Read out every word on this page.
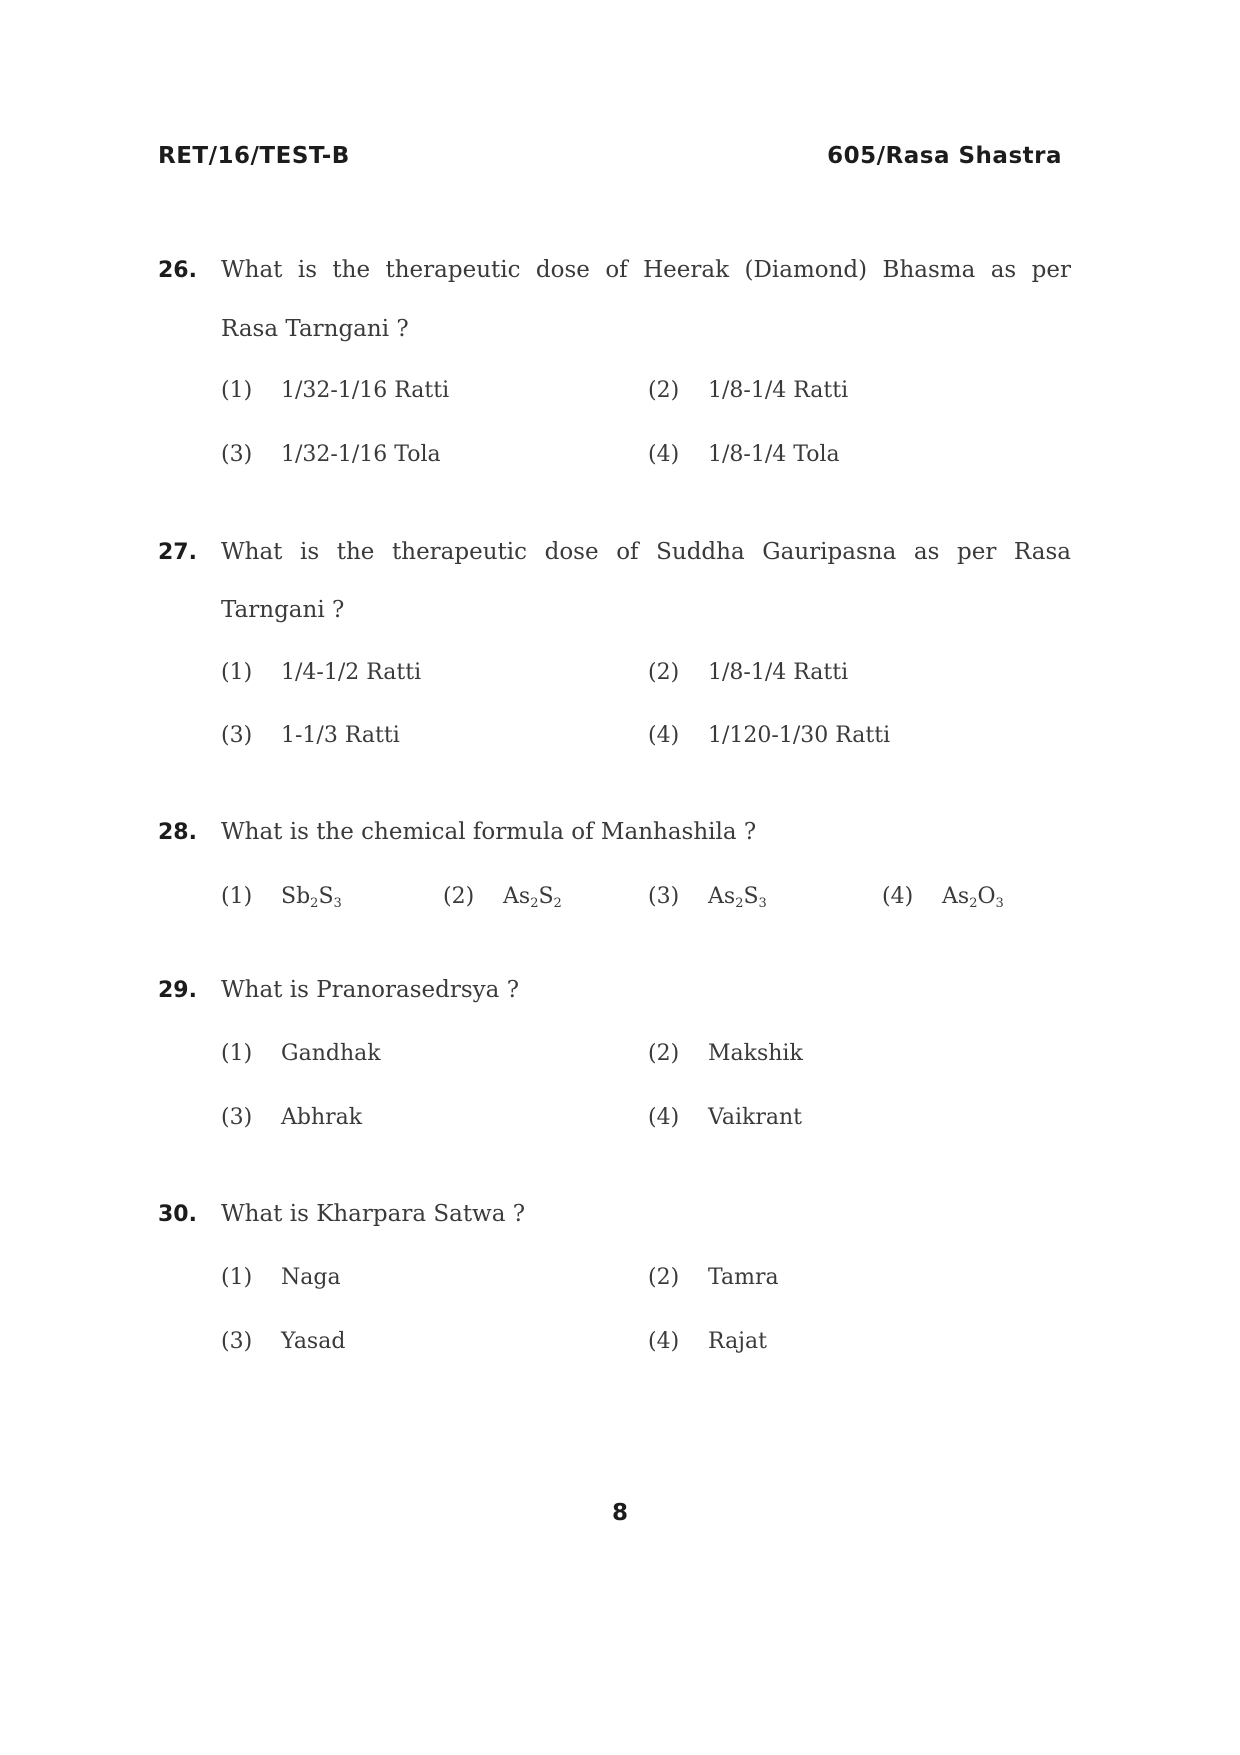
RET/16/TEST-B	605/Rasa Shastra
26. What is the therapeutic dose of Heerak (Diamond) Bhasma as per
Rasa Tarngani ?
(1) 1/32-1/16 Ratti	(2) 1/8-1/4 Ratti
(3) 1/32-1/16 Tola	(4) 1/8-1/4 Tola
27. What is the therapeutic dose of Suddha Gauripasna as per Rasa
Tarngani ?
(1) 1/4-1/2 Ratti	(2) 1/8-1/4 Ratti
(3) 1-1/3 Ratti	(4) 1/120-1/30 Ratti
28. What is the chemical formula of Manhashila ?
(1) $Sb_2S_3$	(2) $As_2S_2$	(3) $As_2S_3$	(4) $As_2O_3$
29. What is Pranorasedrsya ?
(1) Gandhak	(2) Makshik
(3) Abhrak	(4) Vaikrant
30. What is Kharpara Satwa ?
(1) Naga	(2) Tamra
(3) Yasad	(4) Rajat
8
